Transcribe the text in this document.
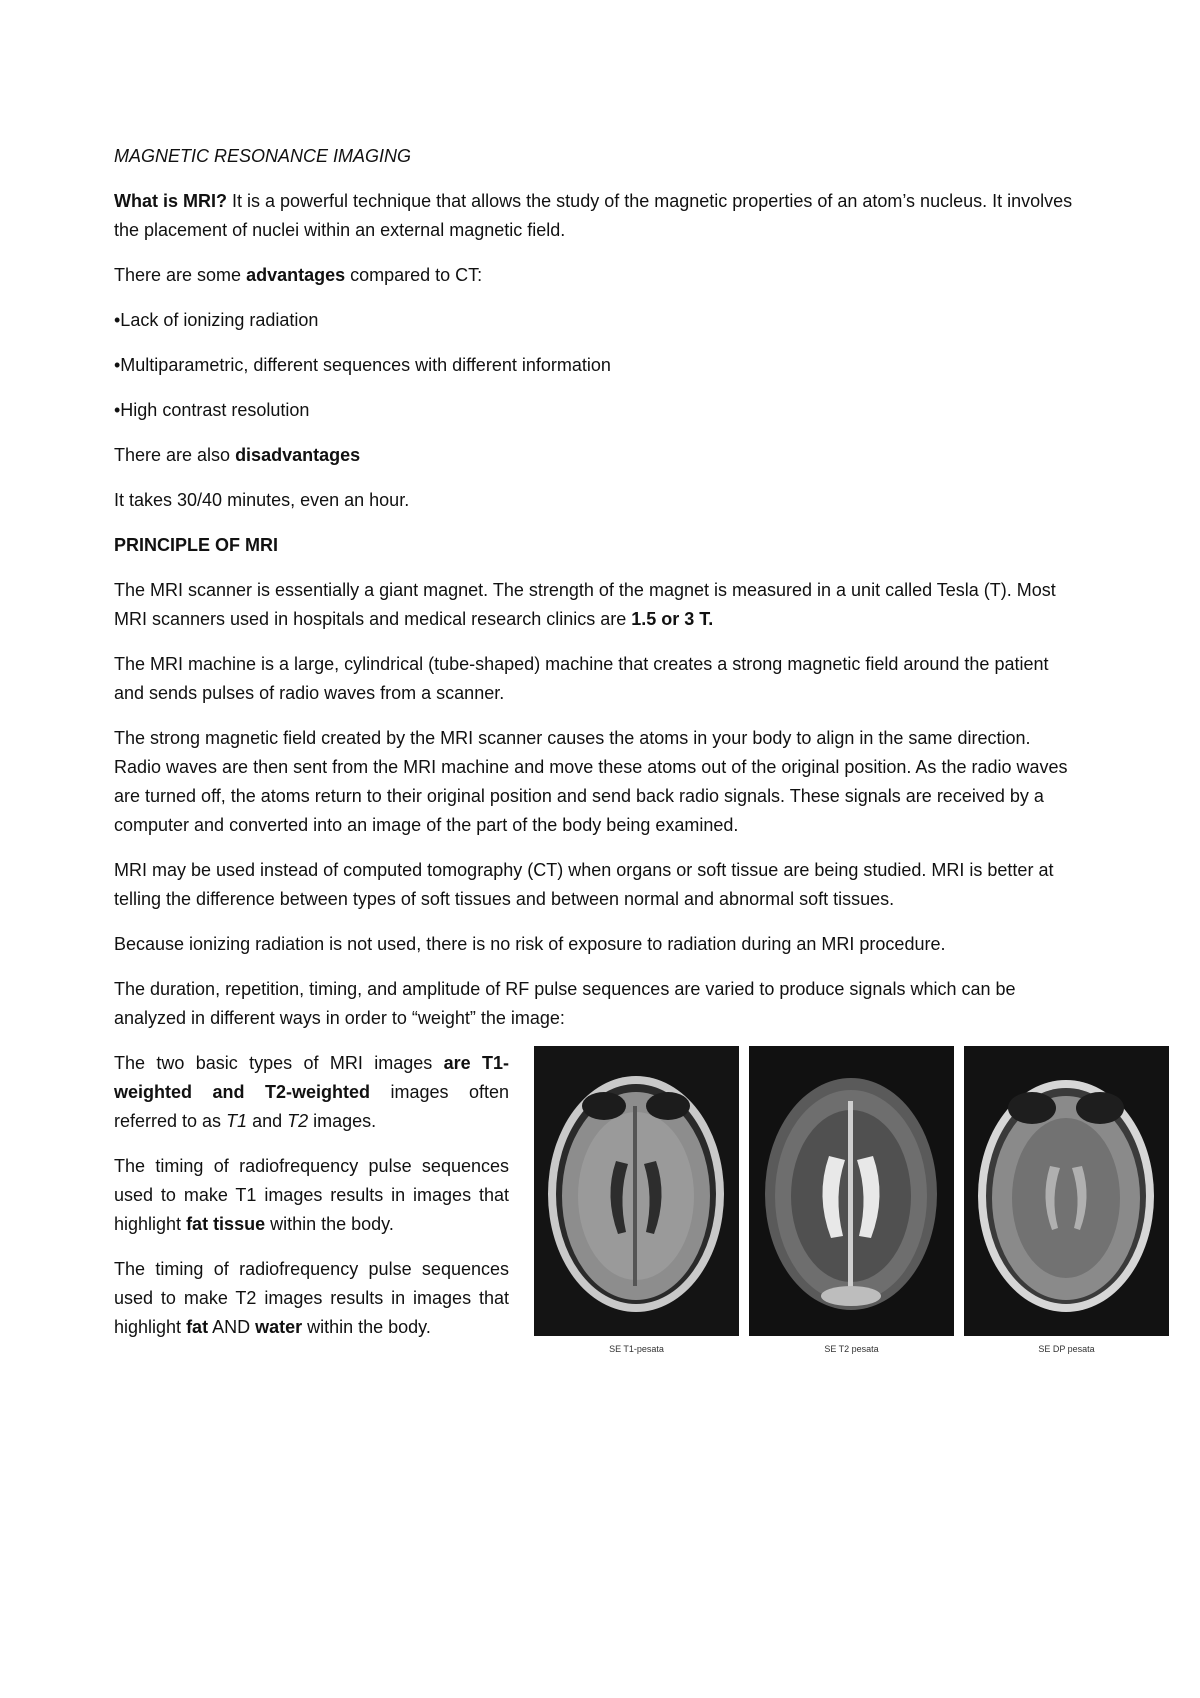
MAGNETIC RESONANCE IMAGING

What is MRI? It is a powerful technique that allows the study of the magnetic properties of an atom’s nucleus. It involves the placement of nuclei within an external magnetic field.

There are some advantages compared to CT:

•Lack of ionizing radiation

•Multiparametric, different sequences with different information

•High contrast resolution

There are also disadvantages

It takes 30/40 minutes, even an hour.

PRINCIPLE OF MRI

The MRI scanner is essentially a giant magnet. The strength of the magnet is measured in a unit called Tesla (T). Most MRI scanners used in hospitals and medical research clinics are 1.5 or 3 T.

The MRI machine is a large, cylindrical (tube-shaped) machine that creates a strong magnetic field around the patient and sends pulses of radio waves from a scanner.

The strong magnetic field created by the MRI scanner causes the atoms in your body to align in the same direction. Radio waves are then sent from the MRI machine and move these atoms out of the original position. As the radio waves are turned off, the atoms return to their original position and send back radio signals. These signals are received by a computer and converted into an image of the part of the body being examined.

MRI may be used instead of computed tomography (CT) when organs or soft tissue are being studied. MRI is better at telling the difference between types of soft tissues and between normal and abnormal soft tissues.

Because ionizing radiation is not used, there is no risk of exposure to radiation during an MRI procedure.

The duration, repetition, timing, and amplitude of RF pulse sequences are varied to produce signals which can be analyzed in different ways in order to “weight” the image:

The two basic types of MRI images are T1-weighted and T2-weighted images often referred to as T1 and T2 images.

The timing of radiofrequency pulse sequences used to make T1 images results in images that highlight fat tissue within the body.

The timing of radiofrequency pulse sequences used to make T2 images results in images that highlight fat AND water within the body.

SE T1-pesata	SE T2 pesata	SE DP pesata
